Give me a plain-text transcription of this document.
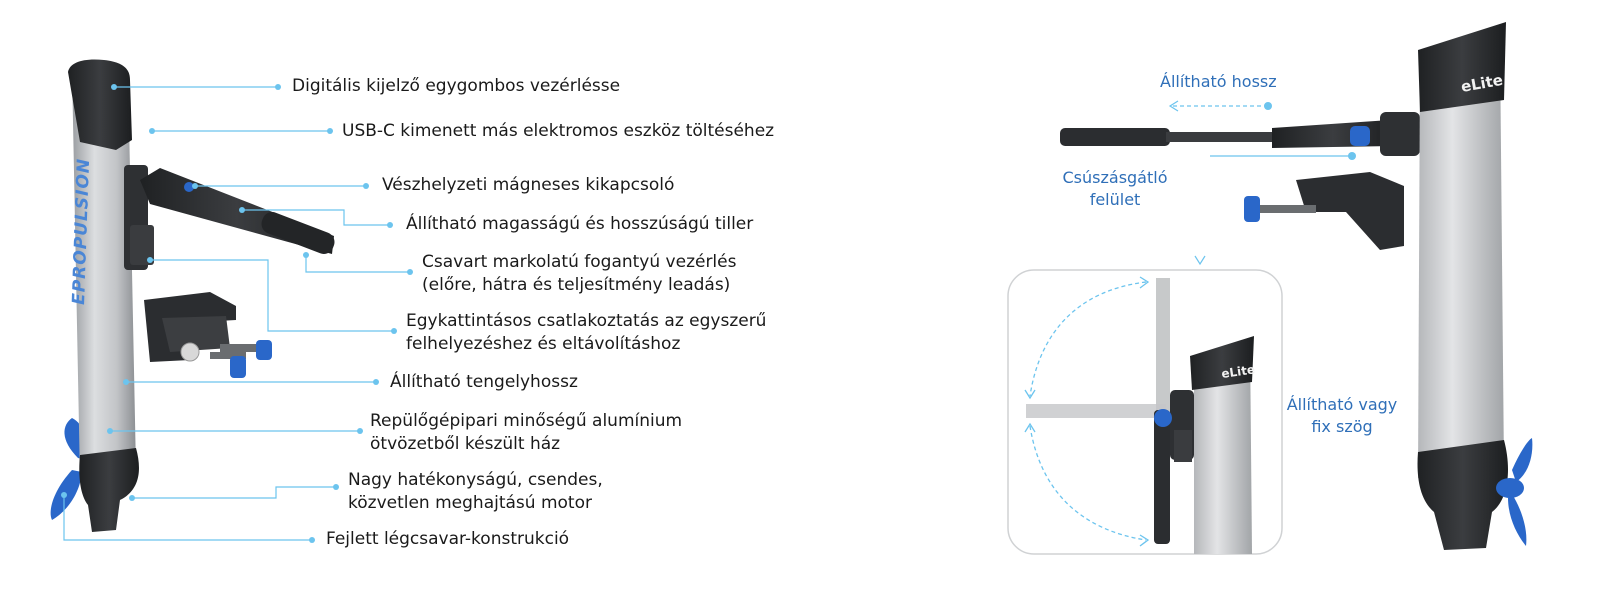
EPROPULSION
eLite
eLite
Digitális kijelző egygombos vezérlésse
USB-C kimenett más elektromos eszköz töltéséhez
Vészhelyzeti mágneses kikapcsoló
Állítható magasságú és hosszúságú tiller
Csavart markolatú fogantyú vezérlés
(előre, hátra és teljesítmény leadás)
Egykattintásos csatlakoztatás az egyszerű
felhelyezéshez és eltávolításhoz
Állítható tengelyhossz
Repülőgépipari minőségű alumínium
ötvözetből készült ház
Nagy hatékonyságú, csendes,
közvetlen meghajtású motor
Fejlett légcsavar-konstrukció
Állítható hossz
Csúszásgátló
felület
Állítható vagy
fix szög
